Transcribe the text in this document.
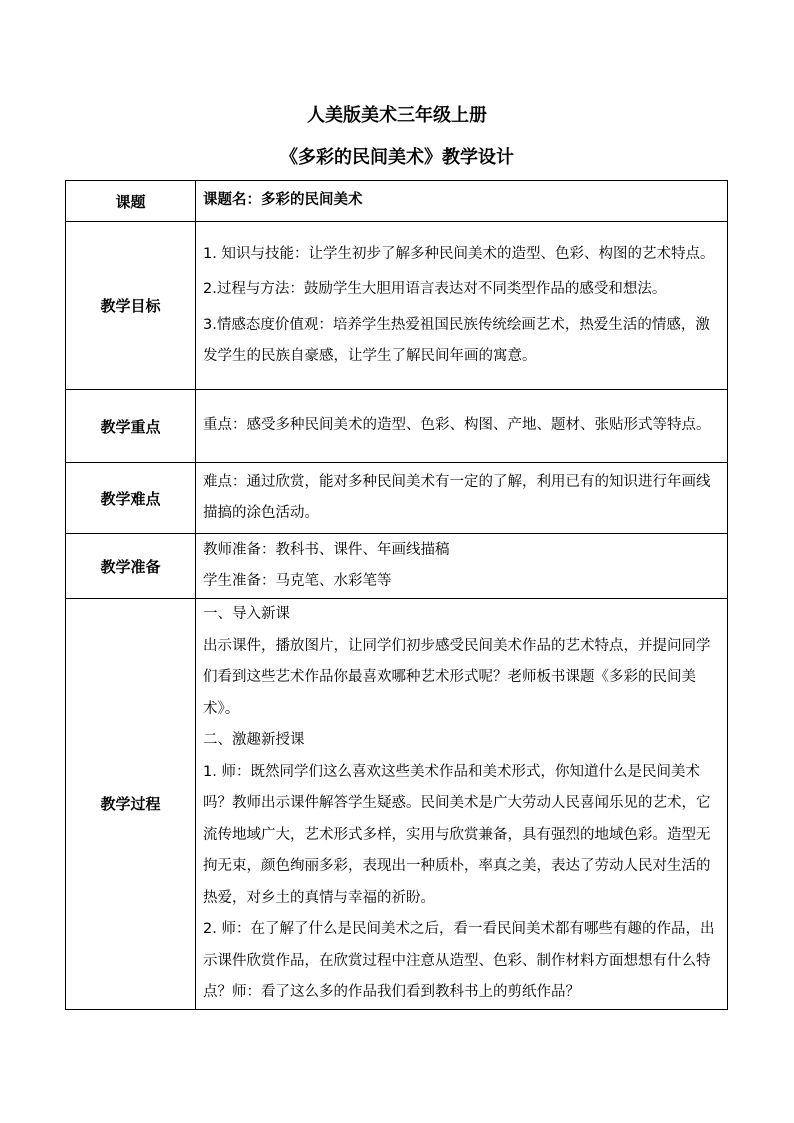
人美版美术三年级上册
《多彩的民间美术》教学设计
课题	课题名：多彩的民间美术

教学目标	1. 知识与技能：让学生初步了解多种民间美术的造型、色彩、构图的艺术特点。

2.过程与方法：鼓励学生大胆用语言表达对不同类型作品的感受和想法。

3.情感态度价值观：培养学生热爱祖国民族传统绘画艺术，热爱生活的情感，激发学生的民族自豪感，让学生了解民间年画的寓意。

教学重点	重点：感受多种民间美术的造型、色彩、构图、产地、题材、张贴形式等特点。

教学难点	难点：通过欣赏，能对多种民间美术有一定的了解，利用已有的知识进行年画线描搞的涂色活动。

教学准备	教师准备：教科书、课件、年画线描稿

学生准备：马克笔、水彩笔等

教学过程	一、导入新课

出示课件，播放图片，让同学们初步感受民间美术作品的艺术特点，并提问同学们看到这些艺术作品你最喜欢哪种艺术形式呢？老师板书课题《多彩的民间美术》。

二、激趣新授课

1. 师：既然同学们这么喜欢这些美术作品和美术形式，你知道什么是民间美术吗？教师出示课件解答学生疑惑。民间美术是广大劳动人民喜闻乐见的艺术，它流传地域广大，艺术形式多样，实用与欣赏兼备，具有强烈的地域色彩。造型无拘无束，颜色绚丽多彩，表现出一种质朴，率真之美，表达了劳动人民对生活的热爱，对乡土的真情与幸福的祈盼。

2. 师：在了解了什么是民间美术之后，看一看民间美术都有哪些有趣的作品，出示课件欣赏作品，在欣赏过程中注意从造型、色彩、制作材料方面想想有什么特点？师：看了这么多的作品我们看到教科书上的剪纸作品？
